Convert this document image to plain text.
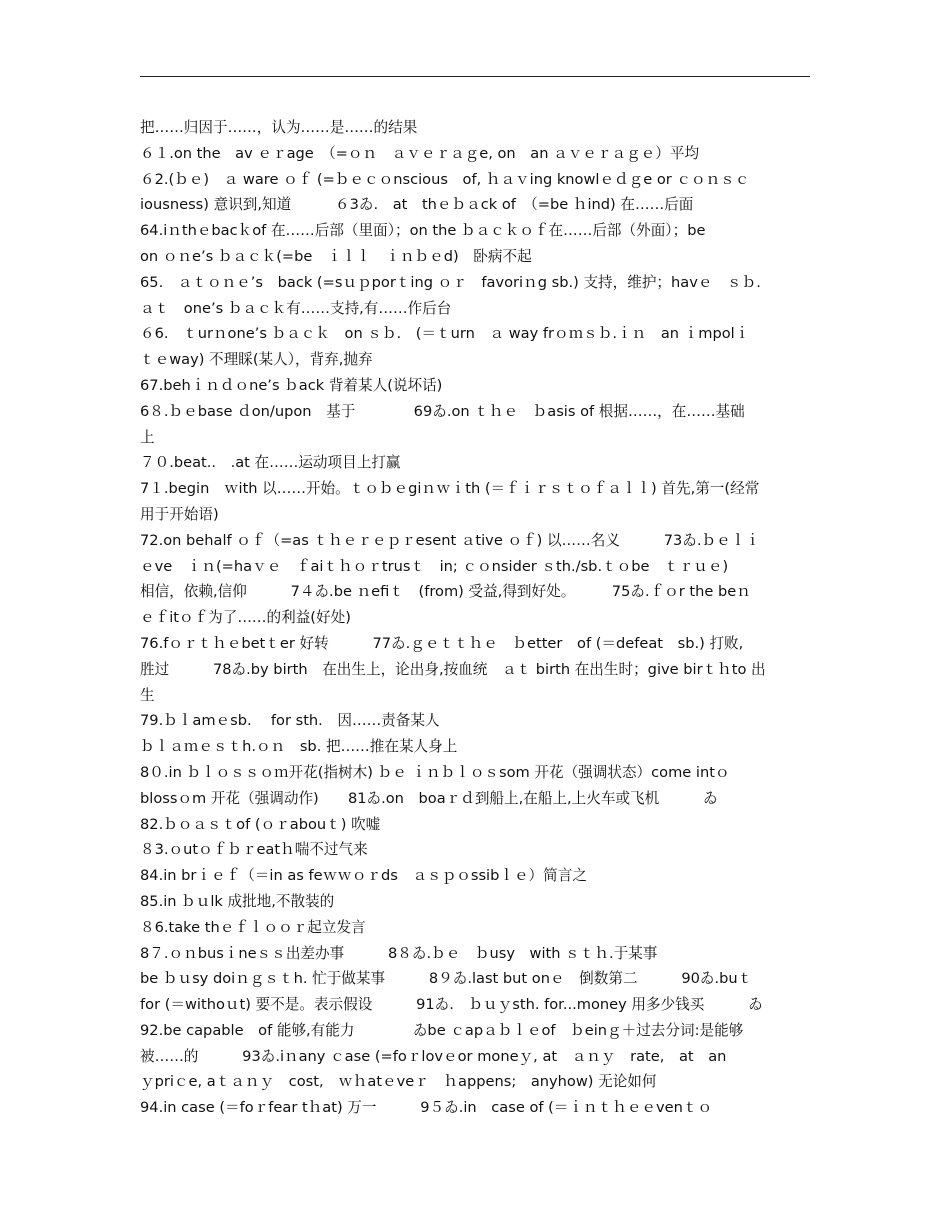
把……归因于……，认为……是……的结果
６１.on the　av ｅｒage　（=ｏｎ　ａｖｅｒａｇe, on　an ａｖｅｒａｇｅ）平均
６2.(ｂｅ)　ａ ware ｏｆ (=ｂｅｃｏnscious　of, ｈａｖing knowlｅｄｇe or ｃｏｎｓｃ
iousness) 意识到,知道　　　６3ゐ.　at　thｅｂａck of　（=be ｈind) 在……后面
64.iｎthｅbacｋof 在……后部（里面）；on the ｂａｃｋｏｆ在……后部（外面）；be
on ｏｎe’s ｂａｃｋ(=be　ｉｌｌ　ｉｎｂｅd)　卧病不起
65.　ａｔｏｎｅ’s　back (=sｕｐporｔing ｏｒ　favoriｎg sb.) 支持，维护；havｅ　ｓｂ.
ａｔ　one’s ｂａｃｋ有……支持,有……作后台
６6.　ｔurｎone’s ｂａｃｋ　on ｓｂ.　(＝ｔurn　ａ way frｏｍｓｂ.ｉｎ　an ｉmpolｉ
ｔｅway) 不理睬(某人），背弃,抛弃
67.behｉｎｄｏne’s ｂack 背着某人(说坏话)
6８.ｂｅbase ｄon/upon　基于　　　　69ゐ.on ｔｈｅ　ｂasis of 根据……，在……基础
上
７０.beat..　.at 在……运动项目上打赢
7１.begin　ｗith 以……开始。ｔｏｂｅgiｎｗｉth (＝ｆｉｒｓｔｏｆａｌｌ) 首先,第一(经常
用于开始语)
72.on behalf ｏｆ（=as ｔｈｅｒｅｐｒesent ａtive ｏｆ) 以……名义　　　73ゐ.ｂｅｌｉ
ｅve　ｉｎ(=haｖｅ　ｆaiｔｈｏｒtrusｔ　in; ｃｏnsider ｓth./sb.ｔｏbe　ｔｒｕｅ)
相信，依赖,信仰　　　7４ゐ.be ｎefiｔ　(from) 受益,得到好处。　　　75ゐ.ｆｏr the beｎ
ｅｆitｏｆ为了……的利益(好处)
76.fｏｒｔｈｅbetｔer 好转　　　77ゐ.ｇｅｔｔｈｅ　ｂetter　of (＝defeat　sb.) 打败,
胜过　　　78ゐ.by birth　在出生上，论出身,按血统　ａｔ birth 在出生时；give birｔｈto 出
生
79.ｂｌamｅsb.　 for sth.　因……责备某人
ｂｌａｍｅｓｔh.ｏｎ　sb. 把……推在某人身上
8０.in ｂｌｏｓｓｏｍ开花(指树木) ｂｅ ｉｎｂｌｏｓsom 开花（强调状态）come intｏ
blossｏm 开花（强调动作)　　81ゐ.on　boaｒｄ到船上,在船上,上火车或飞机　　　ゐ
82.ｂｏａｓｔof (ｏｒabouｔ) 吹嘘
８3.ｏutｏｆｂｒeatｈ喘不过气来
84.in brｉｅｆ（＝in as feｗｗｏｒds　ａｓｐｏssibｌｅ）简言之
85.in ｂｕlk 成批地,不散装的
８6.take thｅｆｌｏｏｒ起立发言
8７.ｏｎbusｉneｓｓ出差办事　　　8８ゐ.ｂｅ　ｂusy　with ｓｔｈ.于某事
be ｂｕsy doiｎｇｓｔh. 忙于做某事　　　8９ゐ.last but onｅ　倒数第二　　　90ゐ.buｔ
for (＝withoｕt) 要不是。表示假设　　　91ゐ.　ｂｕｙsth. for...money 用多少钱买　　　ゐ
92.be capable　of 能够,有能力　　　　ゐbe ｃapａｂｌｅof　ｂeinｇ＋过去分词:是能够
被……的　　　93ゐ.iｎany ｃase (=foｒlovｅor moneｙ, at　ａｎｙ　rate,　at　an
ｙpriｃe, aｔａｎｙ　cost,　ｗｈatｅveｒ　ｈappens;　anyhow) 无论如何
94.in case (＝foｒfear tｈat) 万一　　　9５ゐ.in　case of (＝ｉｎｔｈｅｅvenｔｏ
